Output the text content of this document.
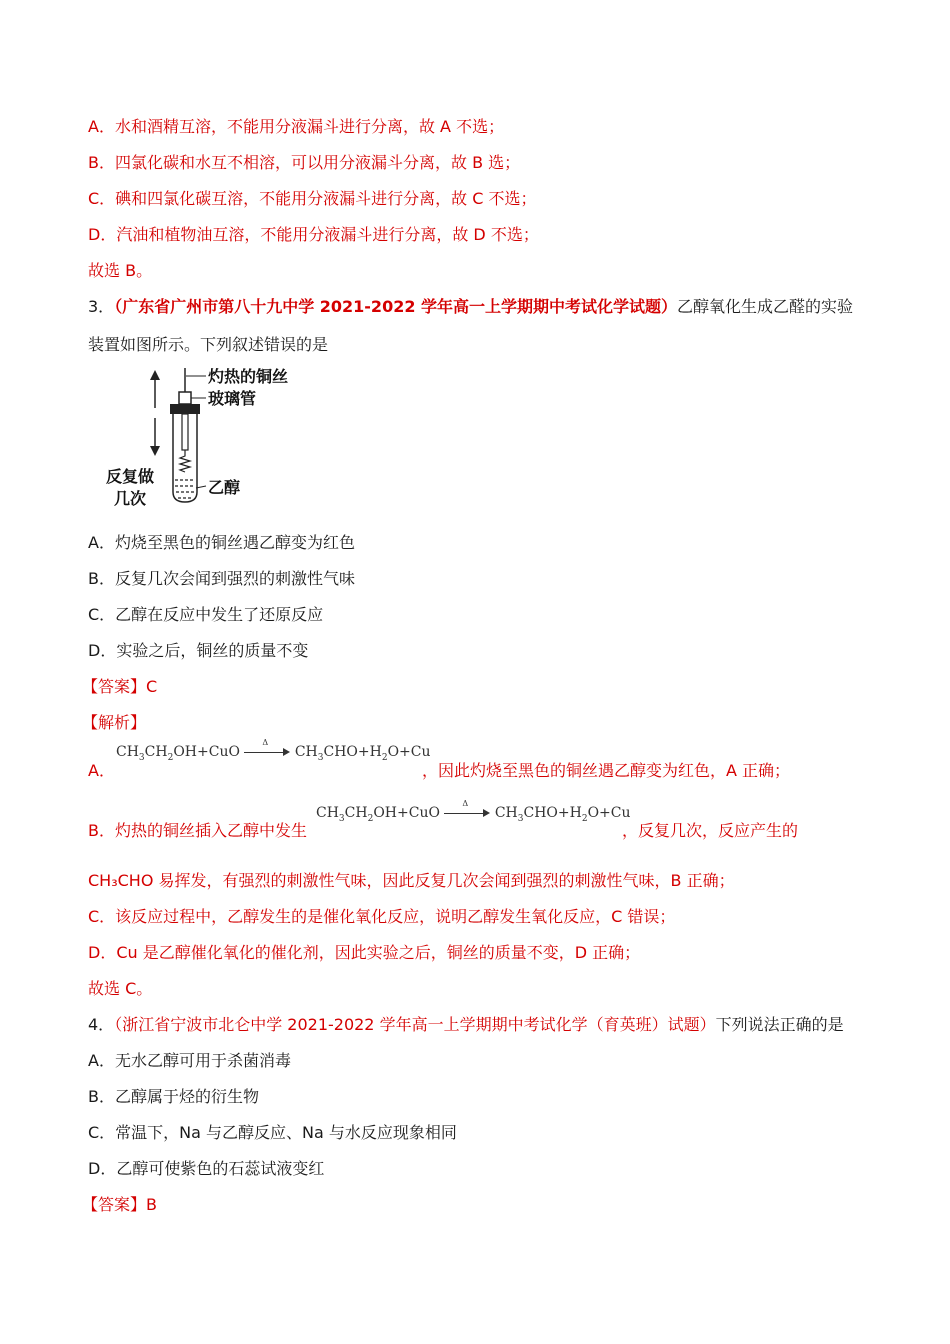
A．水和酒精互溶，不能用分液漏斗进行分离，故 A 不选；
B．四氯化碳和水互不相溶，可以用分液漏斗分离，故 B 选；
C．碘和四氯化碳互溶，不能用分液漏斗进行分离，故 C 不选；
D．汽油和植物油互溶，不能用分液漏斗进行分离，故 D 不选；
故选 B。
3．（广东省广州市第八十九中学 2021-2022 学年高一上学期期中考试化学试题）乙醇氧化生成乙醛的实验
装置如图所示。下列叙述错误的是
灼热的铜丝
玻璃管
反复做
几次
乙醇
A．灼烧至黑色的铜丝遇乙醇变为红色
B．反复几次会闻到强烈的刺激性气味
C．乙醇在反应中发生了还原反应
D．实验之后，铜丝的质量不变
【答案】C
【解析】
A．
$CH_3CH_2OH+CuO$
Δ
$CH_3CHO+H_2O+Cu$
，因此灼烧至黑色的铜丝遇乙醇变为红色，A 正确；
B．灼热的铜丝插入乙醇中发生
$CH_3CH_2OH+CuO$
Δ
$CH_3CHO+H_2O+Cu$
，反复几次，反应产生的
CH₃CHO 易挥发，有强烈的刺激性气味，因此反复几次会闻到强烈的刺激性气味，B 正确；
C．该反应过程中，乙醇发生的是催化氧化反应，说明乙醇发生氧化反应，C 错误；
D．Cu 是乙醇催化氧化的催化剂，因此实验之后，铜丝的质量不变，D 正确；
故选 C。
4．（浙江省宁波市北仑中学 2021-2022 学年高一上学期期中考试化学（育英班）试题）下列说法正确的是
A．无水乙醇可用于杀菌消毒
B．乙醇属于烃的衍生物
C．常温下，Na 与乙醇反应、Na 与水反应现象相同
D．乙醇可使紫色的石蕊试液变红
【答案】B
